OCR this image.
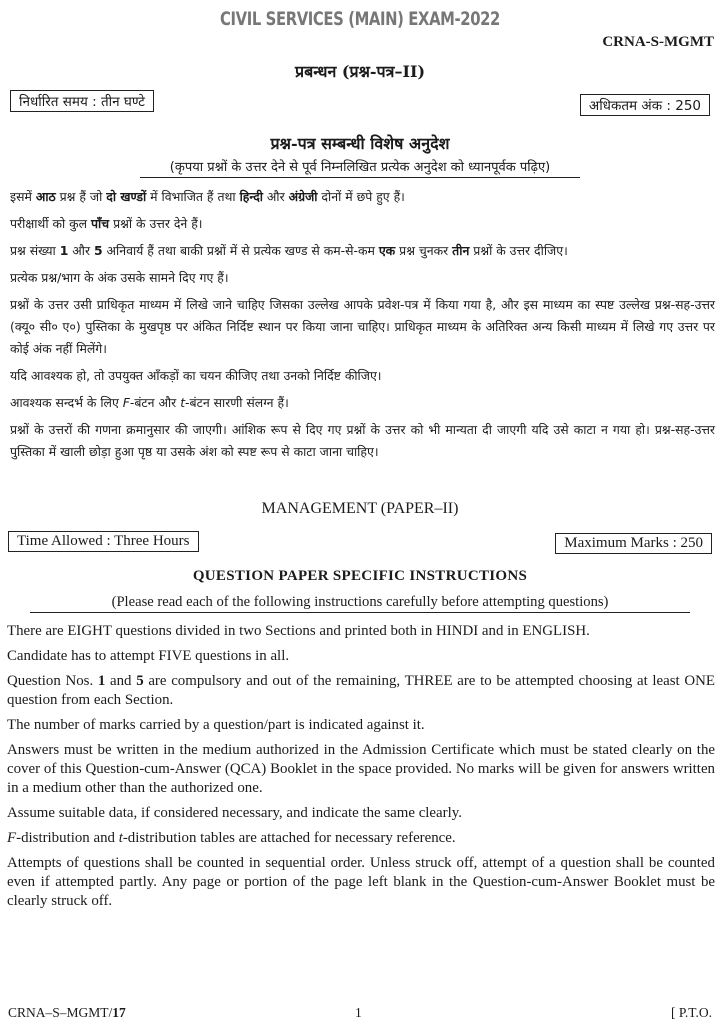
CIVIL SERVICES (MAIN) EXAM-2022
CRNA-S-MGMT
प्रबन्धन (प्रश्न-पत्र–II)
निर्धारित समय : तीन घण्टे	अधिकतम अंक : 250
प्रश्न-पत्र सम्बन्धी विशेष अनुदेश
(कृपया प्रश्नों के उत्तर देने से पूर्व निम्नलिखित प्रत्येक अनुदेश को ध्यानपूर्वक पढ़िए)

इसमें आठ प्रश्न हैं जो दो खण्डों में विभाजित हैं तथा हिन्दी और अंग्रेजी दोनों में छपे हुए हैं।

परीक्षार्थी को कुल पाँच प्रश्नों के उत्तर देने हैं।

प्रश्न संख्या 1 और 5 अनिवार्य हैं तथा बाकी प्रश्नों में से प्रत्येक खण्ड से कम-से-कम एक प्रश्न चुनकर तीन प्रश्नों के उत्तर दीजिए।

प्रत्येक प्रश्न/भाग के अंक उसके सामने दिए गए हैं।

प्रश्नों के उत्तर उसी प्राधिकृत माध्यम में लिखे जाने चाहिए जिसका उल्लेख आपके प्रवेश-पत्र में किया गया है, और इस माध्यम का स्पष्ट उल्लेख प्रश्न-सह-उत्तर (क्यू० सी० ए०) पुस्तिका के मुखपृष्ठ पर अंकित निर्दिष्ट स्थान पर किया जाना चाहिए। प्राधिकृत माध्यम के अतिरिक्त अन्य किसी माध्यम में लिखे गए उत्तर पर कोई अंक नहीं मिलेंगे।

यदि आवश्यक हो, तो उपयुक्त आँकड़ों का चयन कीजिए तथा उनको निर्दिष्ट कीजिए।

आवश्यक सन्दर्भ के लिए F-बंटन और t-बंटन सारणी संलग्न हैं।

प्रश्नों के उत्तरों की गणना क्रमानुसार की जाएगी। आंशिक रूप से दिए गए प्रश्नों के उत्तर को भी मान्यता दी जाएगी यदि उसे काटा न गया हो। प्रश्न-सह-उत्तर पुस्तिका में खाली छोड़ा हुआ पृष्ठ या उसके अंश को स्पष्ट रूप से काटा जाना चाहिए।

MANAGEMENT (PAPER–II)
Time Allowed : Three Hours	Maximum Marks : 250
QUESTION PAPER SPECIFIC INSTRUCTIONS
(Please read each of the following instructions carefully before attempting questions)

There are EIGHT questions divided in two Sections and printed both in HINDI and in ENGLISH.

Candidate has to attempt FIVE questions in all.

Question Nos. 1 and 5 are compulsory and out of the remaining, THREE are to be attempted choosing at least ONE question from each Section.

The number of marks carried by a question/part is indicated against it.

Answers must be written in the medium authorized in the Admission Certificate which must be stated clearly on the cover of this Question-cum-Answer (QCA) Booklet in the space provided. No marks will be given for answers written in a medium other than the authorized one.

Assume suitable data, if considered necessary, and indicate the same clearly.

F-distribution and t-distribution tables are attached for necessary reference.

Attempts of questions shall be counted in sequential order. Unless struck off, attempt of a question shall be counted even if attempted partly. Any page or portion of the page left blank in the Question-cum-Answer Booklet must be clearly struck off.

CRNA–S–MGMT/17	1	[ P.T.O.
